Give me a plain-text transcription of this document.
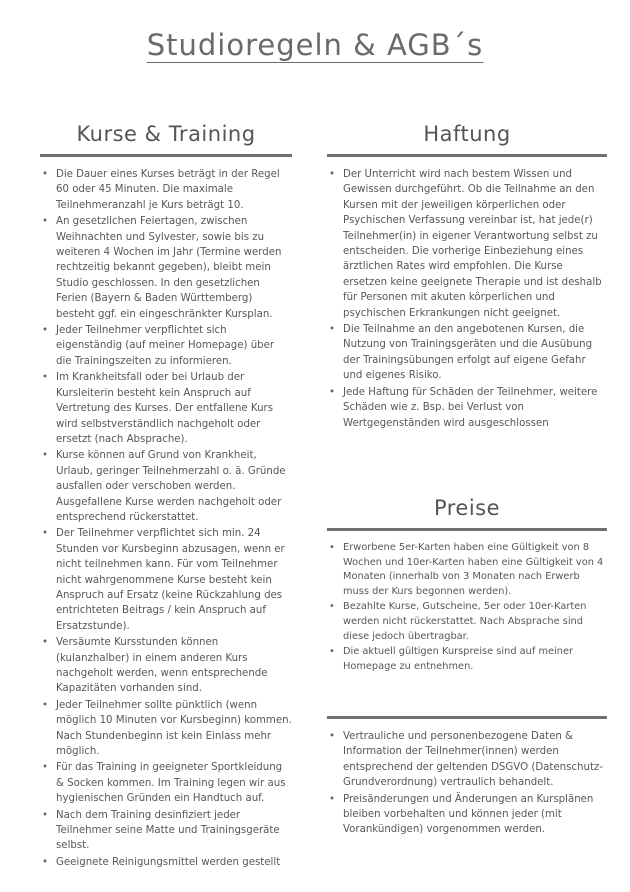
Studioregeln & AGB´s
Kurse & Training
• Die Dauer eines Kurses beträgt in der Regel 60 oder 45 Minuten. Die maximale Teilnehmeranzahl je Kurs beträgt 10.
• An gesetzlichen Feiertagen, zwischen Weihnachten und Sylvester, sowie bis zu weiteren 4 Wochen im Jahr (Termine werden rechtzeitig bekannt gegeben), bleibt mein Studio geschlossen. In den gesetzlichen Ferien (Bayern & Baden Württemberg) besteht ggf. ein eingeschränkter Kursplan.
• Jeder Teilnehmer verpflichtet sich eigenständig (auf meiner Homepage) über die Trainingszeiten zu informieren.
• Im Krankheitsfall oder bei Urlaub der Kursleiterin besteht kein Anspruch auf Vertretung des Kurses. Der entfallene Kurs wird selbstverständlich nachgeholt oder ersetzt (nach Absprache).
• Kurse können auf Grund von Krankheit, Urlaub, geringer Teilnehmerzahl o. ä. Gründe ausfallen oder verschoben werden. Ausgefallene Kurse werden nachgeholt oder entsprechend rückerstattet.
• Der Teilnehmer verpflichtet sich min. 24 Stunden vor Kursbeginn abzusagen, wenn er nicht teilnehmen kann. Für vom Teilnehmer nicht wahrgenommene Kurse besteht kein Anspruch auf Ersatz (keine Rückzahlung des entrichteten Beitrags / kein Anspruch auf Ersatzstunde).
• Versäumte Kursstunden können (kulanzhalber) in einem anderen Kurs nachgeholt werden, wenn entsprechende Kapazitäten vorhanden sind.
• Jeder Teilnehmer sollte pünktlich (wenn möglich 10 Minuten vor Kursbeginn) kommen. Nach Stundenbeginn ist kein Einlass mehr möglich.
• Für das Training in geeigneter Sportkleidung & Socken kommen. Im Training legen wir aus hygienischen Gründen ein Handtuch auf.
• Nach dem Training desinfiziert jeder Teilnehmer seine Matte und Trainingsgeräte selbst.
• Geeignete Reinigungsmittel werden gestellt
Haftung
• Der Unterricht wird nach bestem Wissen und Gewissen durchgeführt. Ob die Teilnahme an den Kursen mit der jeweiligen körperlichen oder Psychischen Verfassung vereinbar ist, hat jede(r) Teilnehmer(in) in eigener Verantwortung selbst zu entscheiden. Die vorherige Einbeziehung eines ärztlichen Rates wird empfohlen. Die Kurse ersetzen keine geeignete Therapie und ist deshalb für Personen mit akuten körperlichen und psychischen Erkrankungen nicht geeignet.
• Die Teilnahme an den angebotenen Kursen, die Nutzung von Trainingsgeräten und die Ausübung der Trainingsübungen erfolgt auf eigene Gefahr und eigenes Risiko.
• Jede Haftung für Schäden der Teilnehmer, weitere Schäden wie z. Bsp. bei Verlust von Wertgegenständen wird ausgeschlossen
Preise
• Erworbene 5er-Karten haben eine Gültigkeit von 8 Wochen und 10er-Karten haben eine Gültigkeit von 4 Monaten (innerhalb von 3 Monaten nach Erwerb muss der Kurs begonnen werden).
• Bezahlte Kurse, Gutscheine, 5er oder 10er-Karten werden nicht rückerstattet. Nach Absprache sind diese jedoch übertragbar.
• Die aktuell gültigen Kurspreise sind auf meiner Homepage zu entnehmen.
• Vertrauliche und personenbezogene Daten & Information der Teilnehmer(innen) werden entsprechend der geltenden DSGVO (Datenschutz-Grundverordnung) vertraulich behandelt.
• Preisänderungen und Änderungen an Kursplänen bleiben vorbehalten und können jeder (mit Vorankündigen) vorgenommen werden.
